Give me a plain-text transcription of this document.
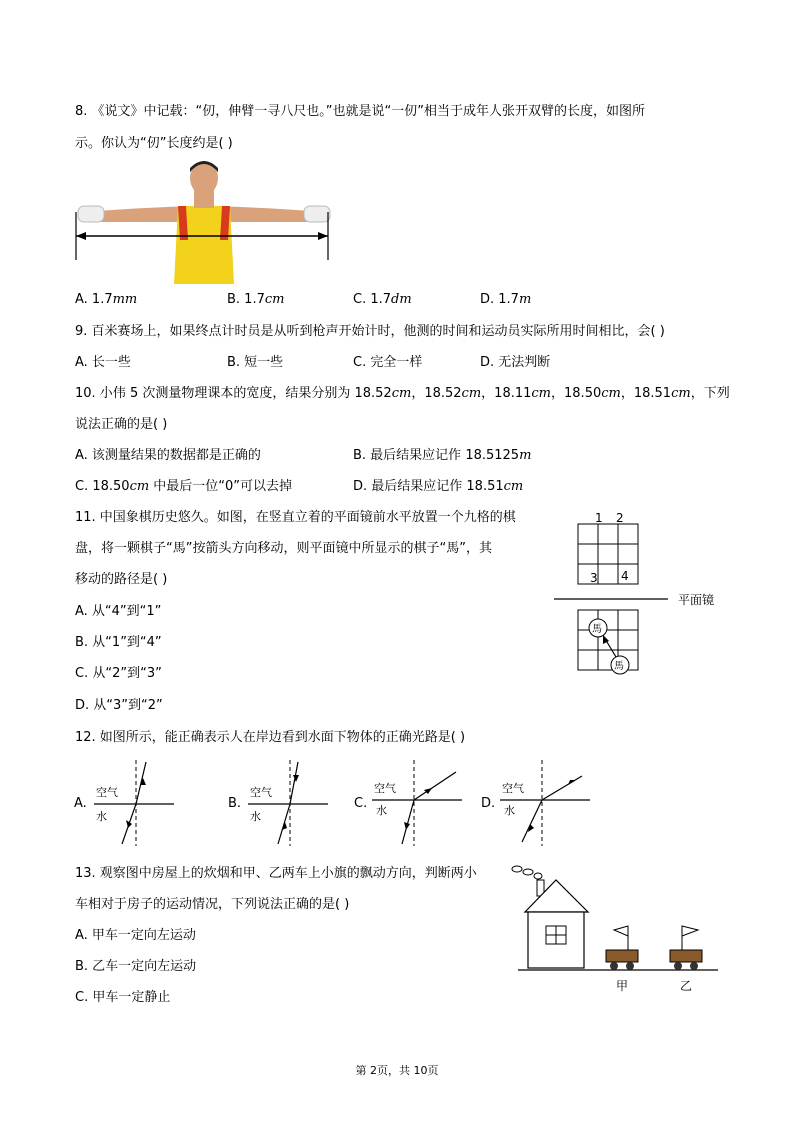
8. 《说文》中记载：“仞，伸臂一寻八尺也。”也就是说“一仞”相当于成年人张开双臂的长度，如图所
示。你认为“仞”长度约是( )
A. 1.7mm	B. 1.7cm	C. 1.7dm	D. 1.7m
9. 百米赛场上，如果终点计时员是从听到枪声开始计时，他测的时间和运动员实际所用时间相比，会( )
A. 长一些	B. 短一些	C. 完全一样	D. 无法判断
10. 小伟 5 次测量物理课本的宽度，结果分别为 18.52cm，18.52cm，18.11cm，18.50cm，18.51cm，下列
说法正确的是( )
A. 该测量结果的数据都是正确的	B. 最后结果应记作 18.5125m
C. 18.50cm 中最后一位“0”可以去掉	D. 最后结果应记作 18.51cm
11. 中国象棋历史悠久。如图，在竖直立着的平面镜前水平放置一个九格的棋
盘，将一颗棋子“馬”按箭头方向移动，则平面镜中所显示的棋子“馬”，其
移动的路径是( )
A. 从“4”到“1”
B. 从“1”到“4”
C. 从“2”到“3”
D. 从“3”到“2”
1 2
3 4
平面镜
馬
馬
12. 如图所示，能正确表示人在岸边看到水面下物体的正确光路是( )
A.
空气
水
B.
空气
水
C.
空气
水	D.
空气
水
13. 观察图中房屋上的炊烟和甲、乙两车上小旗的飘动方向，判断两小
车相对于房子的运动情况，下列说法正确的是( )
A. 甲车一定向左运动
B. 乙车一定向左运动
C. 甲车一定静止
甲	乙
第 2页，共 10页
